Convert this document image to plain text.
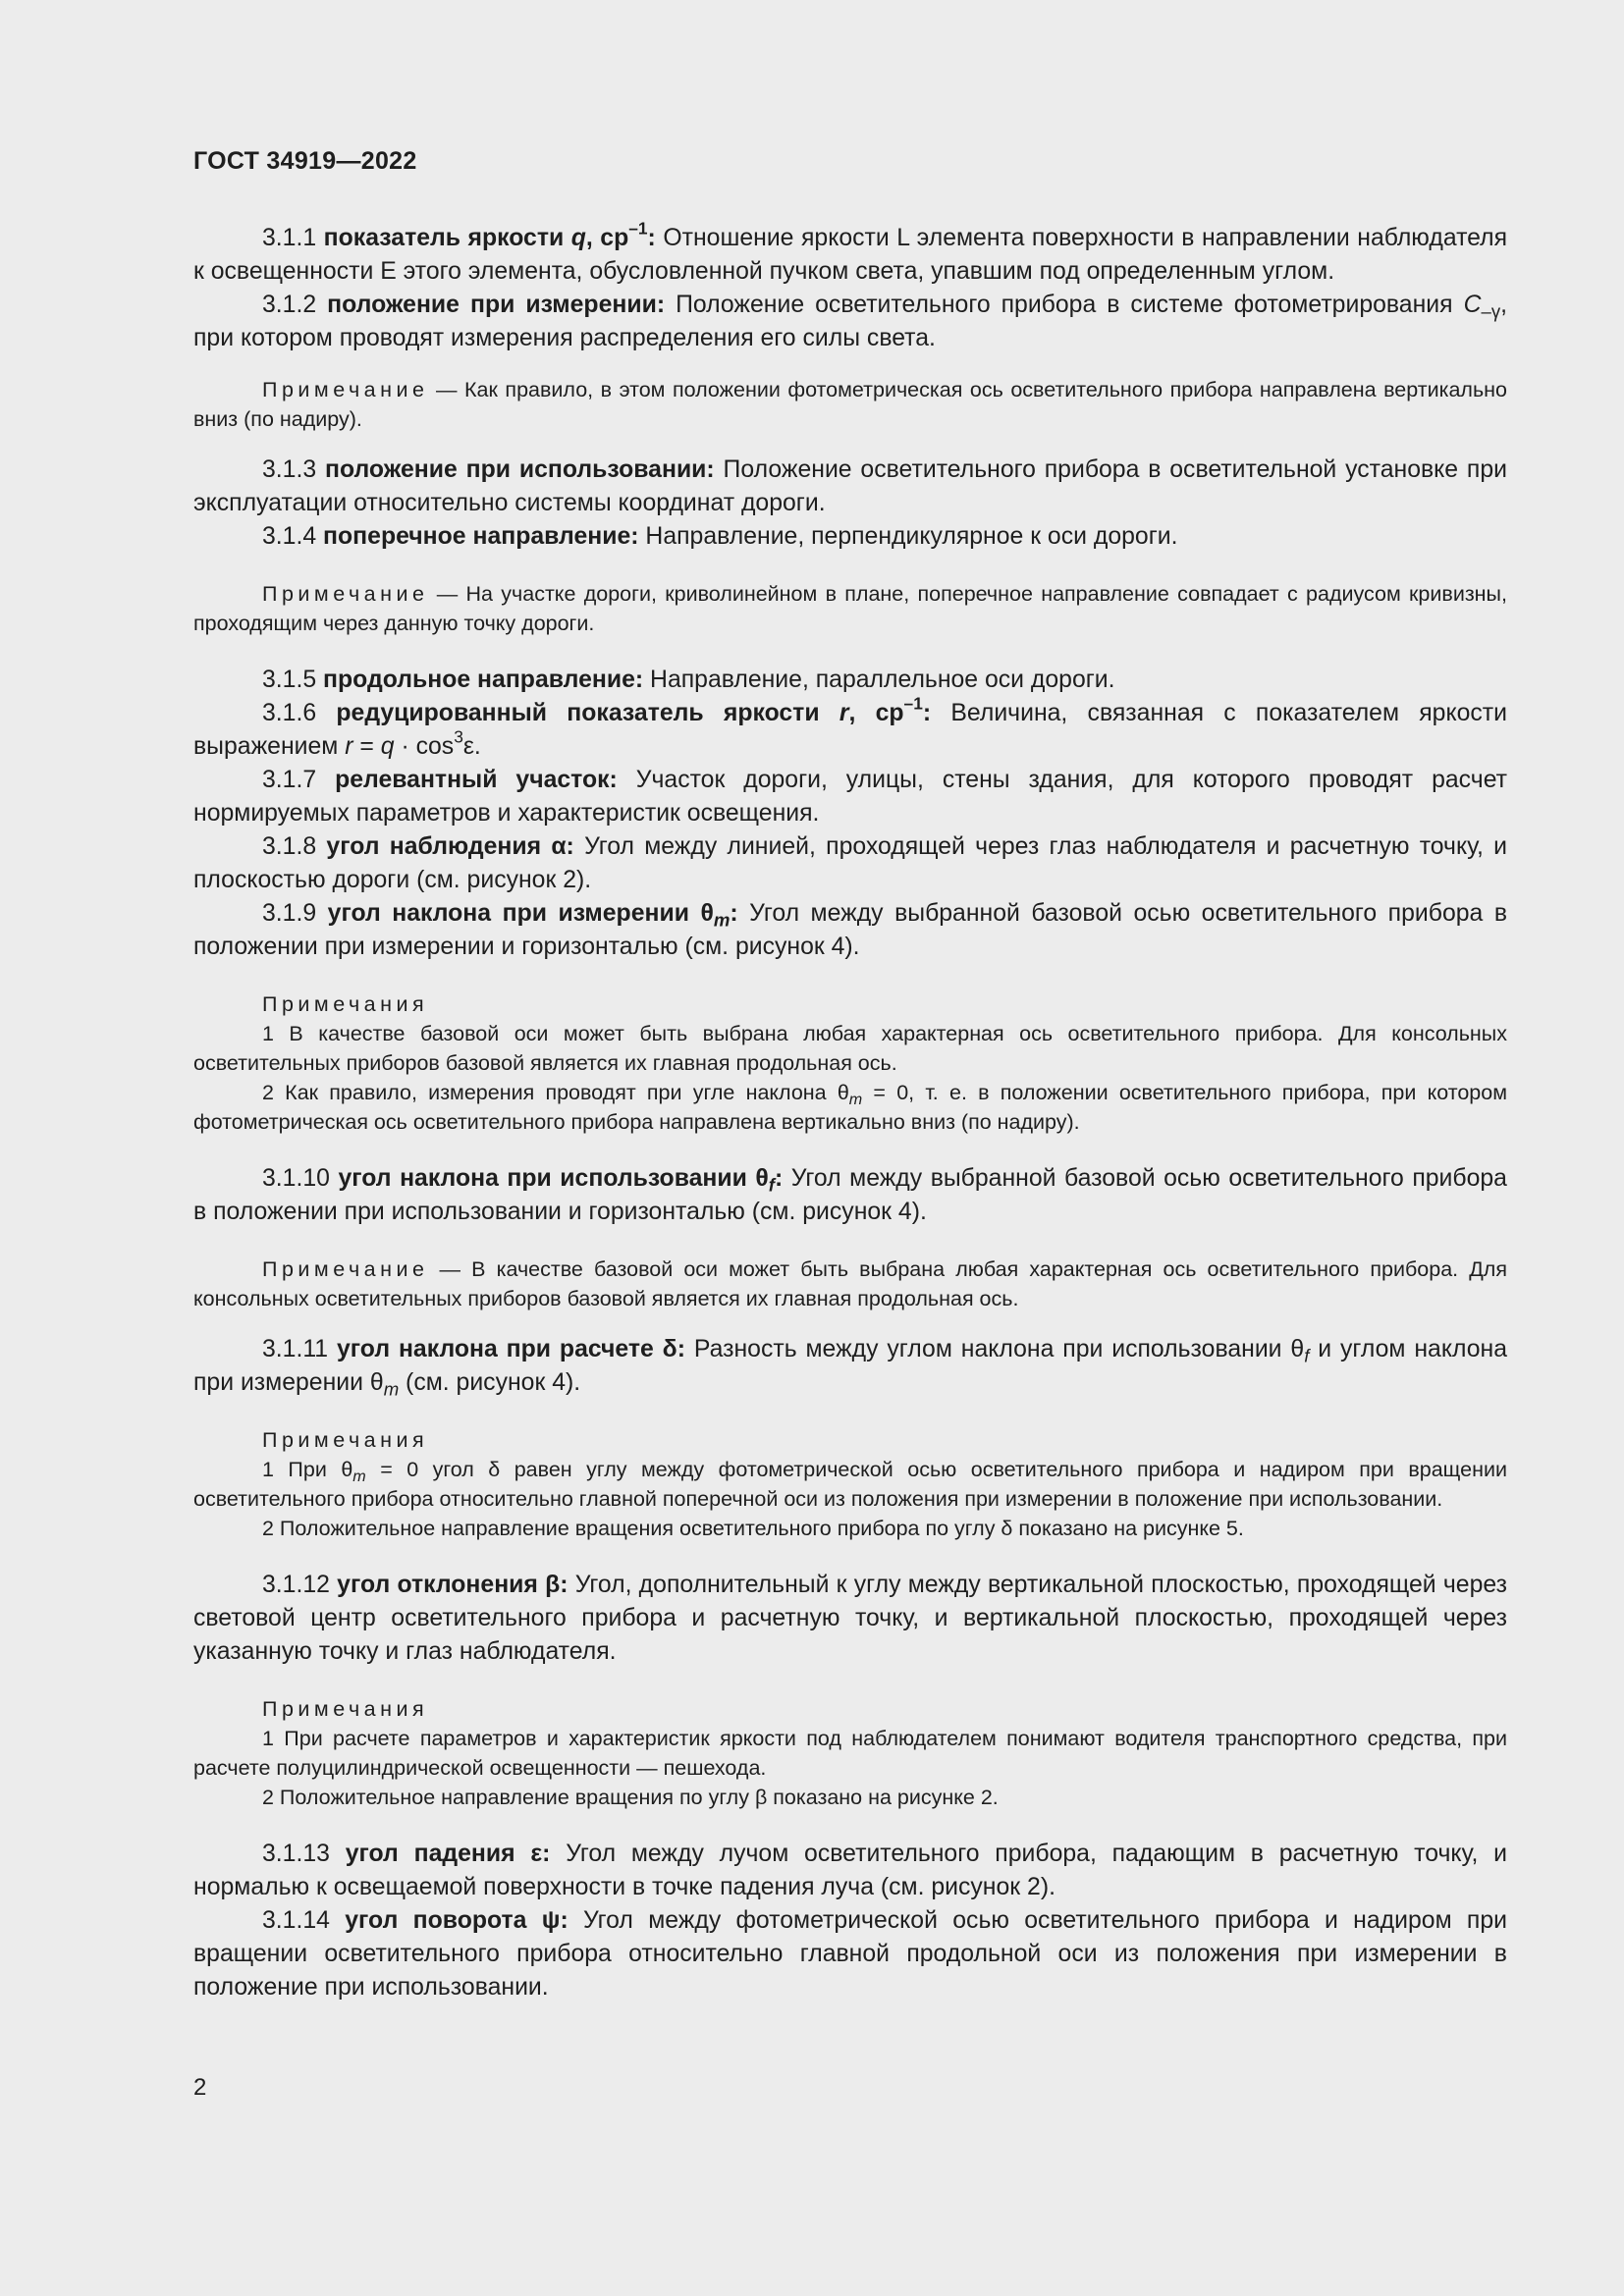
ГОСТ 34919—2022

3.1.1 показатель яркости q, $ср^{-1}$: Отношение яркости L элемента поверхности в направлении наблюдателя к освещенности E этого элемента, обусловленной пучком света, упавшим под определенным углом.

3.1.2 положение при измерении: Положение осветительного прибора в системе фотометрирования $C_{-\gamma}$, при котором проводят измерения распределения его силы света.

Примечание — Как правило, в этом положении фотометрическая ось осветительного прибора направлена вертикально вниз (по надиру).

3.1.3 положение при использовании: Положение осветительного прибора в осветительной установке при эксплуатации относительно системы координат дороги.

3.1.4 поперечное направление: Направление, перпендикулярное к оси дороги.

Примечание — На участке дороги, криволинейном в плане, поперечное направление совпадает с радиусом кривизны, проходящим через данную точку дороги.

3.1.5 продольное направление: Направление, параллельное оси дороги.

3.1.6 редуцированный показатель яркости r, $ср^{-1}$: Величина, связанная с показателем яркости выражением $r = q \cdot \cos^3\varepsilon$.

3.1.7 релевантный участок: Участок дороги, улицы, стены здания, для которого проводят расчет нормируемых параметров и характеристик освещения.

3.1.8 угол наблюдения α: Угол между линией, проходящей через глаз наблюдателя и расчетную точку, и плоскостью дороги (см. рисунок 2).

3.1.9 угол наклона при измерении $\theta_m$: Угол между выбранной базовой осью осветительного прибора в положении при измерении и горизонталью (см. рисунок 4).

Примечания

1 В качестве базовой оси может быть выбрана любая характерная ось осветительного прибора. Для консольных осветительных приборов базовой является их главная продольная ось.

2 Как правило, измерения проводят при угле наклона $\theta_m = 0$, т. е. в положении осветительного прибора, при котором фотометрическая ось осветительного прибора направлена вертикально вниз (по надиру).

3.1.10 угол наклона при использовании $\theta_f$: Угол между выбранной базовой осью осветительного прибора в положении при использовании и горизонталью (см. рисунок 4).

Примечание — В качестве базовой оси может быть выбрана любая характерная ось осветительного прибора. Для консольных осветительных приборов базовой является их главная продольная ось.

3.1.11 угол наклона при расчете δ: Разность между углом наклона при использовании $\theta_f$ и углом наклона при измерении $\theta_m$ (см. рисунок 4).

Примечания

1 При $\theta_m = 0$ угол δ равен углу между фотометрической осью осветительного прибора и надиром при вращении осветительного прибора относительно главной поперечной оси из положения при измерении в положение при использовании.

2 Положительное направление вращения осветительного прибора по углу δ показано на рисунке 5.

3.1.12 угол отклонения β: Угол, дополнительный к углу между вертикальной плоскостью, проходящей через световой центр осветительного прибора и расчетную точку, и вертикальной плоскостью, проходящей через указанную точку и глаз наблюдателя.

Примечания

1 При расчете параметров и характеристик яркости под наблюдателем понимают водителя транспортного средства, при расчете полуцилиндрической освещенности — пешехода.

2 Положительное направление вращения по углу β показано на рисунке 2.

3.1.13 угол падения ε: Угол между лучом осветительного прибора, падающим в расчетную точку, и нормалью к освещаемой поверхности в точке падения луча (см. рисунок 2).

3.1.14 угол поворота ψ: Угол между фотометрической осью осветительного прибора и надиром при вращении осветительного прибора относительно главной продольной оси из положения при измерении в положение при использовании.

2
